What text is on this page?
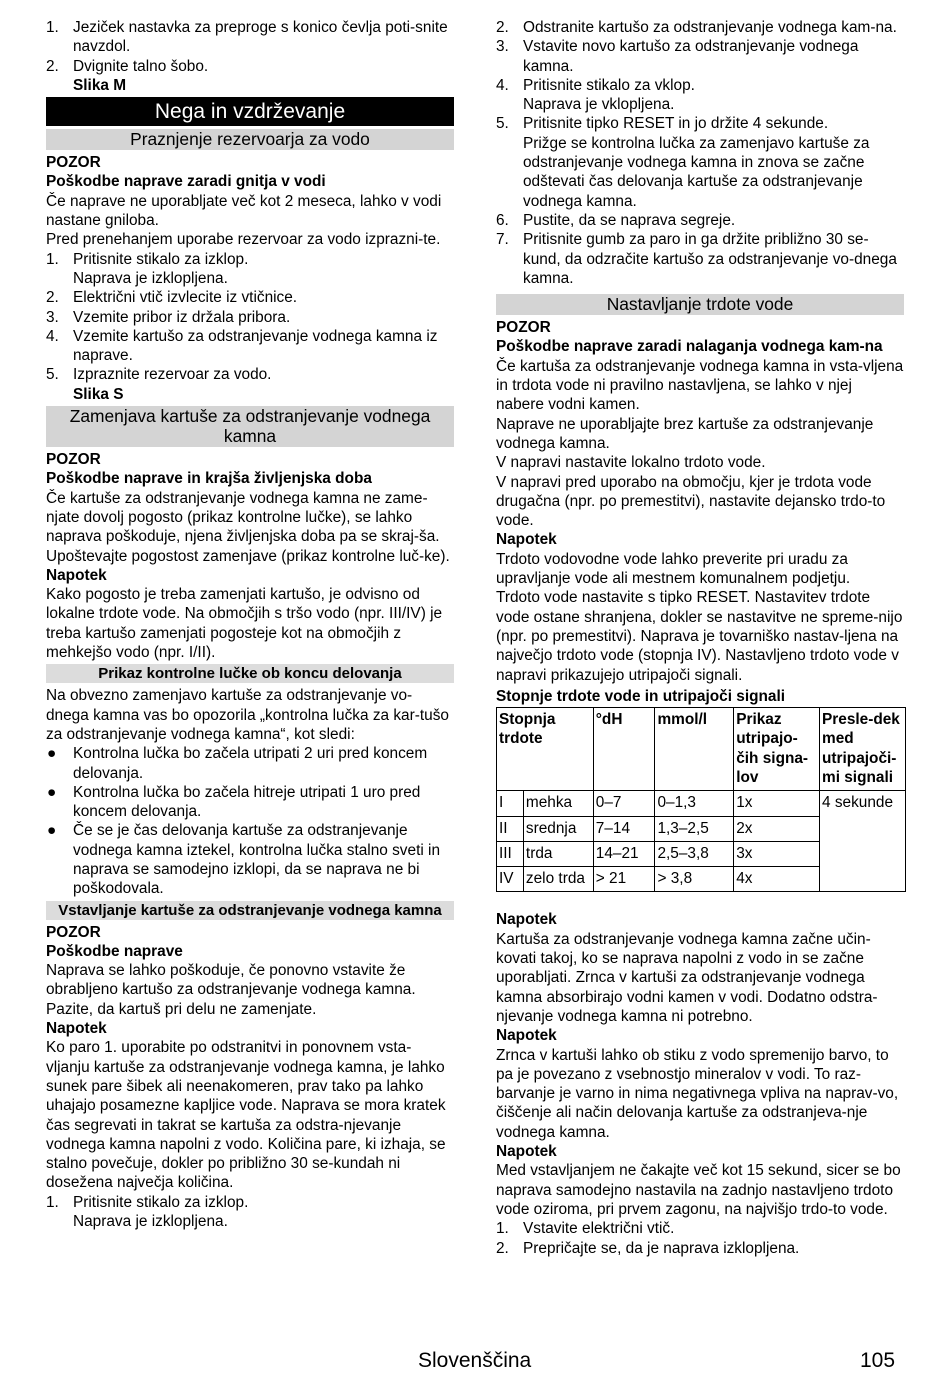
1. Jeziček nastavka za preproge s konico čevlja poti-snite navzdol.
2. Dvignite talno šobo.
Slika M
Nega in vzdrževanje
Praznjenje rezervoarja za vodo
POZOR
Poškodbe naprave zaradi gnitja v vodi
Če naprave ne uporabljate več kot 2 meseca, lahko v vodi nastane gniloba.
Pred prenehanjem uporabe rezervoar za vodo izprazni-te.
1. Pritisnite stikalo za izklop.
Naprava je izklopljena.
2. Električni vtič izvlecite iz vtičnice.
3. Vzemite pribor iz držala pribora.
4. Vzemite kartušo za odstranjevanje vodnega kamna iz naprave.
5. Izpraznite rezervoar za vodo.
Slika S
Zamenjava kartuše za odstranjevanje vodnega kamna
POZOR
Poškodbe naprave in krajša življenjska doba
Če kartuše za odstranjevanje vodnega kamna ne zame-njate dovolj pogosto (prikaz kontrolne lučke), se lahko naprava poškoduje, njena življenjska doba pa se skraj-ša.
Upoštevajte pogostost zamenjave (prikaz kontrolne luč-ke).
Napotek
Kako pogosto je treba zamenjati kartušo, je odvisno od lokalne trdote vode. Na območjih s tršo vodo (npr. III/IV) je treba kartušo zamenjati pogosteje kot na območjih z mehkejšo vodo (npr. I/II).
Prikaz kontrolne lučke ob koncu delovanja
Na obvezno zamenjavo kartuše za odstranjevanje vo-dnega kamna vas bo opozorila „kontrolna lučka za kar-tušo za odstranjevanje vodnega kamna“, kot sledi:
● Kontrolna lučka bo začela utripati 2 uri pred koncem delovanja.
● Kontrolna lučka bo začela hitreje utripati 1 uro pred koncem delovanja.
● Če se je čas delovanja kartuše za odstranjevanje vodnega kamna iztekel, kontrolna lučka stalno sveti in naprava se samodejno izklopi, da se naprava ne bi poškodovala.
Vstavljanje kartuše za odstranjevanje vodnega kamna
POZOR
Poškodbe naprave
Naprava se lahko poškoduje, če ponovno vstavite že obrabljeno kartušo za odstranjevanje vodnega kamna. Pazite, da kartuš pri delu ne zamenjate.
Napotek
Ko paro 1. uporabite po odstranitvi in ponovnem vsta-vljanju kartuše za odstranjevanje vodnega kamna, je lahko sunek pare šibek ali neenakomeren, prav tako pa lahko uhajajo posamezne kapljice vode. Naprava se mora kratek čas segrevati in takrat se kartuša za odstra-njevanje vodnega kamna napolni z vodo. Količina pare, ki izhaja, se stalno povečuje, dokler po približno 30 se-kundah ni dosežena največja količina.
1. Pritisnite stikalo za izklop.
Naprava je izklopljena.
2. Odstranite kartušo za odstranjevanje vodnega kam-na.
3. Vstavite novo kartušo za odstranjevanje vodnega kamna.
4. Pritisnite stikalo za vklop.
Naprava je vklopljena.
5. Pritisnite tipko RESET in jo držite 4 sekunde.
Prižge se kontrolna lučka za zamenjavo kartuše za odstranjevanje vodnega kamna in znova se začne odštevati čas delovanja kartuše za odstranjevanje vodnega kamna.
6. Pustite, da se naprava segreje.
7. Pritisnite gumb za paro in ga držite približno 30 se-kund, da odzračite kartušo za odstranjevanje vo-dnega kamna.
Nastavljanje trdote vode
POZOR
Poškodbe naprave zaradi nalaganja vodnega kam-na
Če kartuša za odstranjevanje vodnega kamna in vsta-vljena in trdota vode ni pravilno nastavljena, se lahko v njej nabere vodni kamen.
Naprave ne uporabljajte brez kartuše za odstranjevanje vodnega kamna.
V napravi nastavite lokalno trdoto vode.
V napravi pred uporabo na območju, kjer je trdota vode drugačna (npr. po premestitvi), nastavite dejansko trdo-to vode.
Napotek
Trdoto vodovodne vode lahko preverite pri uradu za upravljanje vode ali mestnem komunalnem podjetju.
Trdoto vode nastavite s tipko RESET. Nastavitev trdote vode ostane shranjena, dokler se nastavitve ne spreme-nijo (npr. po premestitvi). Naprava je tovarniško nastav-ljena na največjo trdoto vode (stopnja IV). Nastavljeno trdoto vode v napravi prikazujejo utripajoči signali.
Stopnje trdote vode in utripajoči signali
Stopnja trdote		°dH	mmol/l	Prikaz utripajo-čih signa-lov	Presle-dek med utripajoči-mi signali
I	mehka	0–7	0–1,3	1x	4 sekunde
II	srednja	7–14	1,3–2,5	2x	
III	trda	14–21	2,5–3,8	3x	
IV	zelo trda	> 21	> 3,8	4x	
Napotek
Kartuša za odstranjevanje vodnega kamna začne učin-kovati takoj, ko se naprava napolni z vodo in se začne uporabljati. Zrnca v kartuši za odstranjevanje vodnega kamna absorbirajo vodni kamen v vodi. Dodatno odstra-njevanje vodnega kamna ni potrebno.
Napotek
Zrnca v kartuši lahko ob stiku z vodo spremenijo barvo, to pa je povezano z vsebnostjo mineralov v vodi. To raz-barvanje je varno in nima negativnega vpliva na naprav-vo, čiščenje ali način delovanja kartuše za odstranjeva-nje vodnega kamna.
Napotek
Med vstavljanjem ne čakajte več kot 15 sekund, sicer se bo naprava samodejno nastavila na zadnjo nastavljeno trdoto vode oziroma, pri prvem zagonu, na najvišjo trdo-to vode.
1. Vstavite električni vtič.
2. Prepričajte se, da je naprava izklopljena.
Slovenščina	105
